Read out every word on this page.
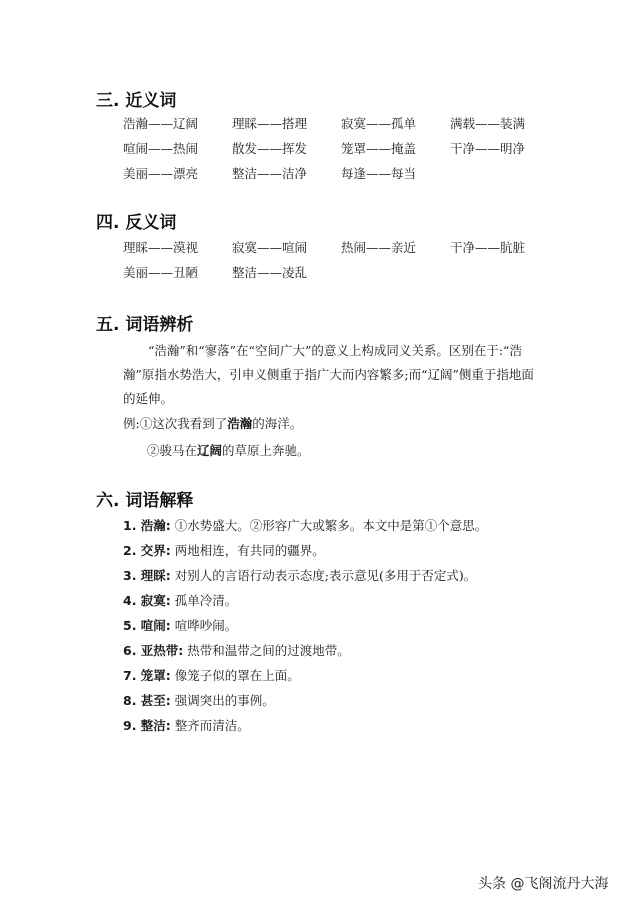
三. 近义词
浩瀚——辽阔	理睬——搭理	寂寞——孤单	满载——装满
喧闹——热闹	散发——挥发	笼罩——掩盖	干净——明净
美丽——漂亮	整洁——洁净	每逢——每当
四. 反义词
理睬——漠视	寂寞——喧闹	热闹——亲近	干净——肮脏
美丽——丑陋	整洁——凌乱
五. 词语辨析
“浩瀚”和“寥落”在“空间广大”的意义上构成同义关系。区别在于:“浩瀚”原指水势浩大，引申义侧重于指广大而内容繁多;而“辽阔”侧重于指地面的延伸。
例:①这次我看到了浩瀚的海洋。
②骏马在辽阔的草原上奔驰。
六. 词语解释
1. 浩瀚: ①水势盛大。②形容广大或繁多。本文中是第①个意思。
2. 交界: 两地相连，有共同的疆界。
3. 理睬: 对别人的言语行动表示态度;表示意见(多用于否定式)。
4. 寂寞: 孤单冷清。
5. 喧闹: 喧哗吵闹。
6. 亚热带: 热带和温带之间的过渡地带。
7. 笼罩: 像笼子似的罩在上面。
8. 甚至: 强调突出的事例。
9. 整洁: 整齐而清洁。
头条 @飞阁流丹大海
